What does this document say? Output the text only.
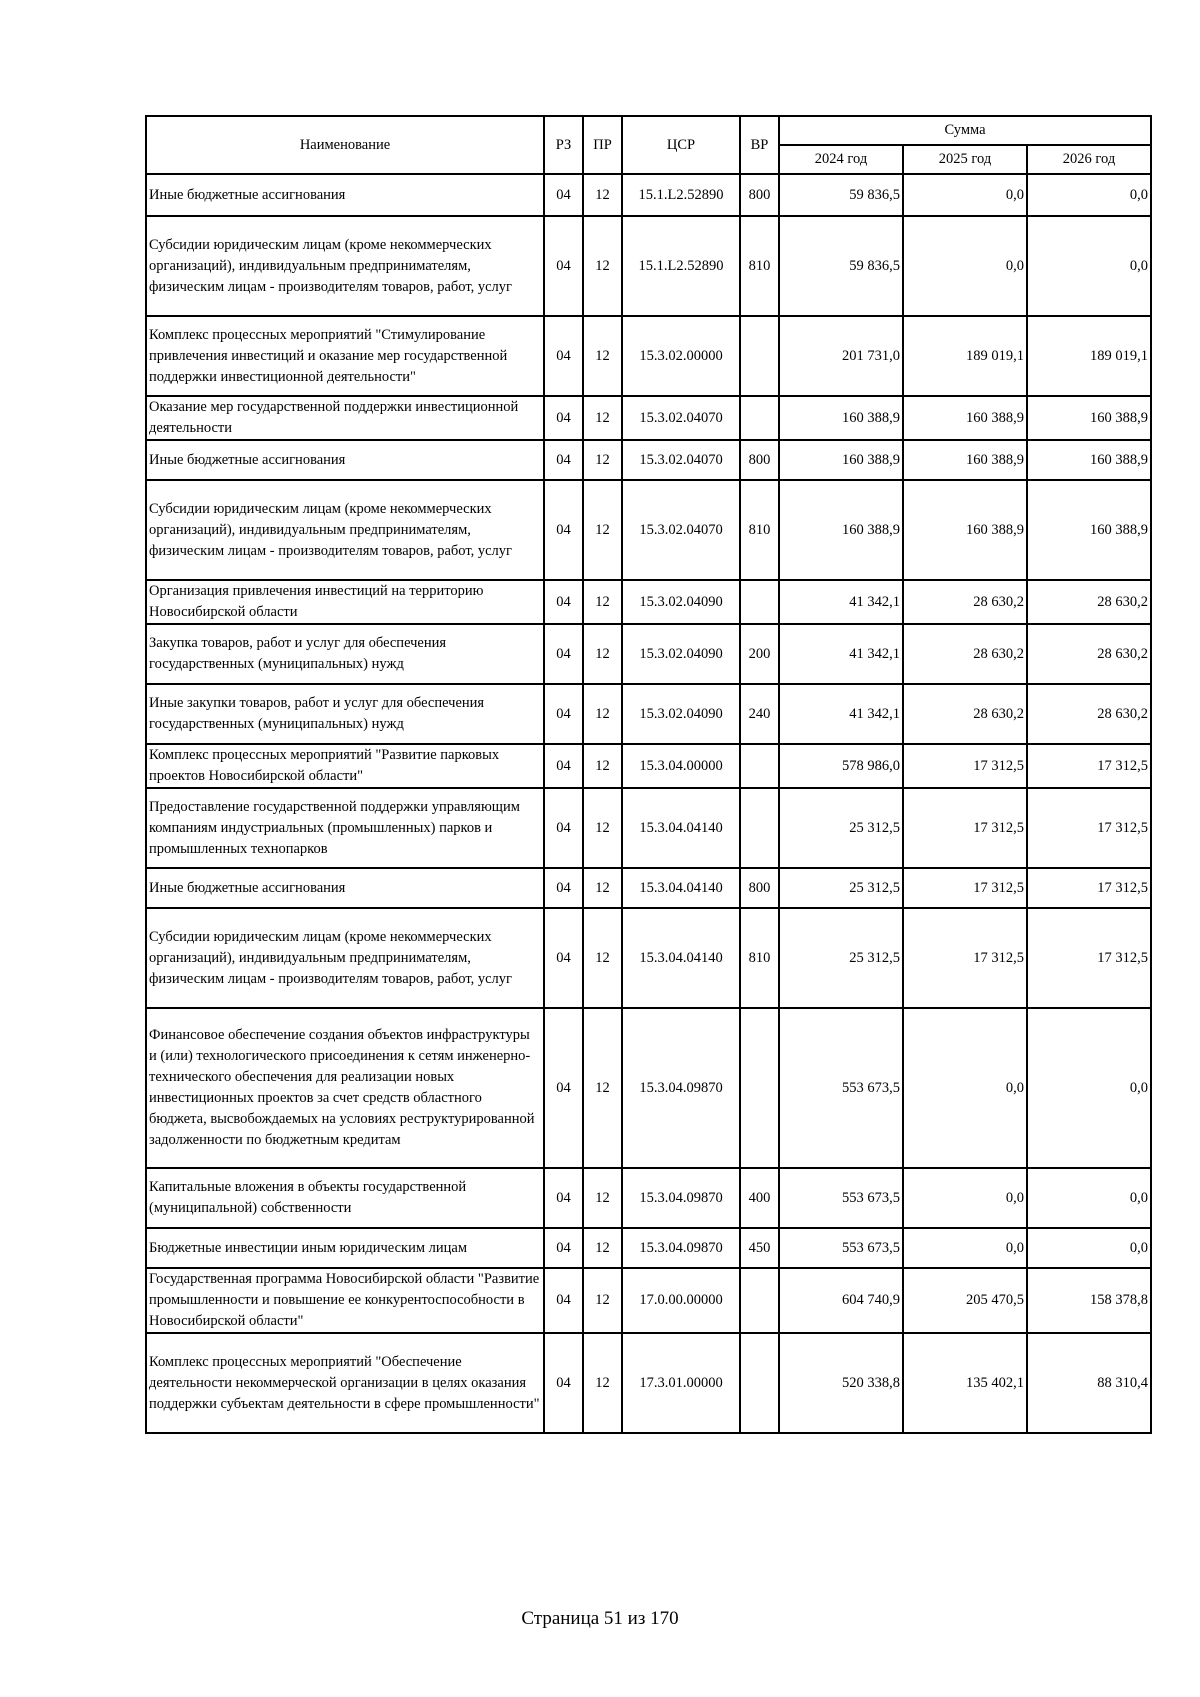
Наименование	РЗ	ПР	ЦСР	ВР	Сумма		
					2024 год	2025 год	2026 год
Иные бюджетные ассигнования	04	12	15.1.L2.52890	800	59 836,5	0,0	0,0
Субсидии юридическим лицам (кроме некоммерческих организаций), индивидуальным предпринимателям, физическим лицам - производителям товаров, работ, услуг	04	12	15.1.L2.52890	810	59 836,5	0,0	0,0
Комплекс процессных мероприятий "Стимулирование привлечения инвестиций и оказание мер государственной поддержки инвестиционной деятельности"	04	12	15.3.02.00000		201 731,0	189 019,1	189 019,1
Оказание мер государственной поддержки инвестиционной деятельности	04	12	15.3.02.04070		160 388,9	160 388,9	160 388,9
Иные бюджетные ассигнования	04	12	15.3.02.04070	800	160 388,9	160 388,9	160 388,9
Субсидии юридическим лицам (кроме некоммерческих организаций), индивидуальным предпринимателям, физическим лицам - производителям товаров, работ, услуг	04	12	15.3.02.04070	810	160 388,9	160 388,9	160 388,9
Организация привлечения инвестиций на территорию Новосибирской области	04	12	15.3.02.04090		41 342,1	28 630,2	28 630,2
Закупка товаров, работ и услуг для обеспечения государственных (муниципальных) нужд	04	12	15.3.02.04090	200	41 342,1	28 630,2	28 630,2
Иные закупки товаров, работ и услуг для обеспечения государственных (муниципальных) нужд	04	12	15.3.02.04090	240	41 342,1	28 630,2	28 630,2
Комплекс процессных мероприятий "Развитие парковых проектов Новосибирской области"	04	12	15.3.04.00000		578 986,0	17 312,5	17 312,5
Предоставление государственной поддержки управляющим компаниям индустриальных (промышленных) парков и промышленных технопарков	04	12	15.3.04.04140		25 312,5	17 312,5	17 312,5
Иные бюджетные ассигнования	04	12	15.3.04.04140	800	25 312,5	17 312,5	17 312,5
Субсидии юридическим лицам (кроме некоммерческих организаций), индивидуальным предпринимателям, физическим лицам - производителям товаров, работ, услуг	04	12	15.3.04.04140	810	25 312,5	17 312,5	17 312,5
Финансовое обеспечение создания объектов инфраструктуры и (или) технологического присоединения к сетям инженерно-технического обеспечения для реализации новых инвестиционных проектов за счет средств областного бюджета, высвобождаемых на условиях реструктурированной задолженности по бюджетным кредитам	04	12	15.3.04.09870		553 673,5	0,0	0,0
Капитальные вложения в объекты государственной (муниципальной) собственности	04	12	15.3.04.09870	400	553 673,5	0,0	0,0
Бюджетные инвестиции иным юридическим лицам	04	12	15.3.04.09870	450	553 673,5	0,0	0,0
Государственная программа Новосибирской области "Развитие промышленности и повышение ее конкурентоспособности в Новосибирской области"	04	12	17.0.00.00000		604 740,9	205 470,5	158 378,8
Комплекс процессных мероприятий "Обеспечение деятельности некоммерческой организации в целях оказания поддержки субъектам деятельности в сфере промышленности"	04	12	17.3.01.00000		520 338,8	135 402,1	88 310,4
Страница 51 из 170
